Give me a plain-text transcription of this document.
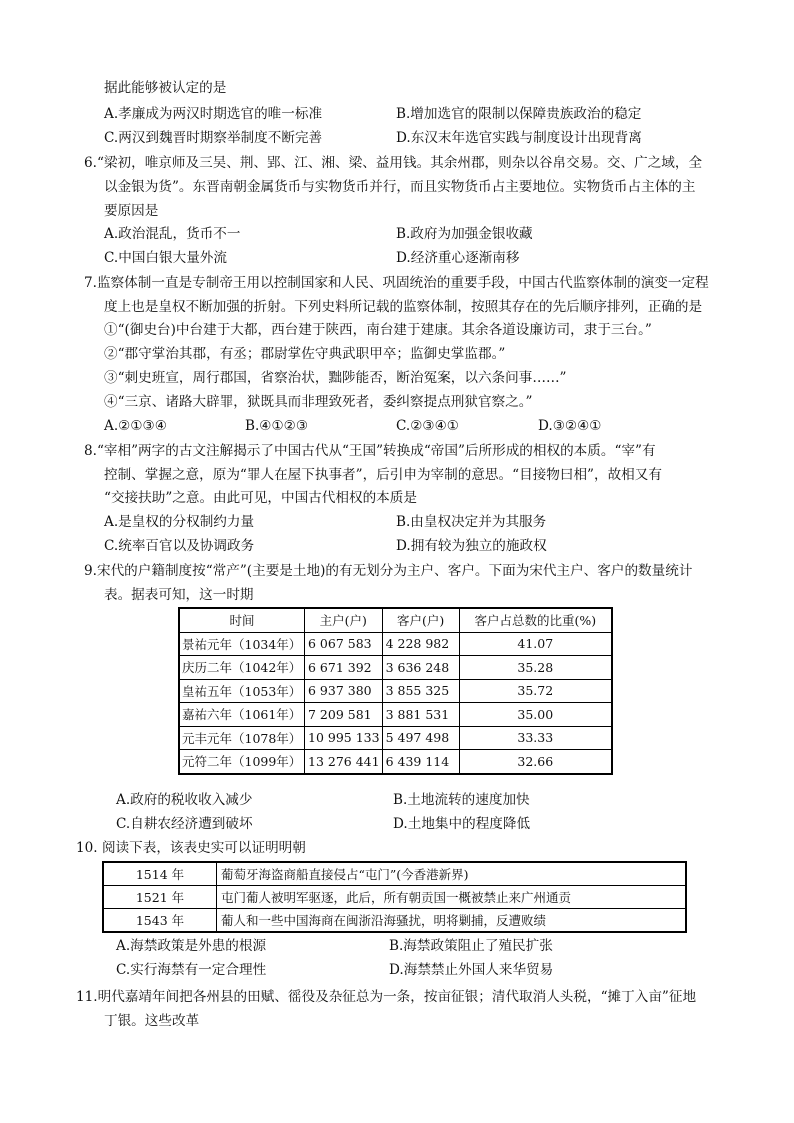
据此能够被认定的是
A.孝廉成为两汉时期选官的唯一标准	B.增加选官的限制以保障贵族政治的稳定
C.两汉到魏晋时期察举制度不断完善	D.东汉末年选官实践与制度设计出现背离
6.“梁初，唯京师及三吴、荆、郢、江、湘、梁、益用钱。其余州郡，则杂以谷帛交易。交、广之域，全
以金银为货”。东晋南朝金属货币与实物货币并行，而且实物货币占主要地位。实物货币占主体的主
要原因是
A.政治混乱，货币不一	B.政府为加强金银收藏
C.中国白银大量外流	D.经济重心逐渐南移
7.监察体制一直是专制帝王用以控制国家和人民、巩固统治的重要手段，中国古代监察体制的演变一定程
度上也是皇权不断加强的折射。下列史料所记载的监察体制，按照其存在的先后顺序排列，正确的是
①“(御史台)中台建于大都，西台建于陕西，南台建于建康。其余各道设廉访司，隶于三台。”
②“郡守掌治其郡，有丞；郡尉掌佐守典武职甲卒；监御史掌监郡。”
③“刺史班宣，周行郡国，省察治状，黜陟能否，断治冤案，以六条问事……”
④“三京、诸路大辟罪，狱既具而非理致死者，委纠察提点刑狱官察之。”
A.②①③④	B.④①②③	C.②③④①	D.③②④①
8.“宰相”两字的古文注解揭示了中国古代从“王国”转换成“帝国”后所形成的相权的本质。“宰”有
控制、掌握之意，原为“罪人在屋下执事者”，后引申为宰制的意思。“目接物曰相”，故相又有
“交接扶助”之意。由此可见，中国古代相权的本质是
A.是皇权的分权制约力量	B.由皇权决定并为其服务
C.统率百官以及协调政务	D.拥有较为独立的施政权
9.宋代的户籍制度按“常产”(主要是土地)的有无划分为主户、客户。下面为宋代主户、客户的数量统计
表。据表可知，这一时期
时间	主户(户)	客户(户)	客户占总数的比重(%)
景祐元年（1034年）	6 067 583	4 228 982	41.07
庆历二年（1042年）	6 671 392	3 636 248	35.28
皇祐五年（1053年）	6 937 380	3 855 325	35.72
嘉祐六年（1061年）	7 209 581	3 881 531	35.00
元丰元年（1078年）	10 995 133	5 497 498	33.33
元符二年（1099年）	13 276 441	6 439 114	32.66
A.政府的税收收入减少	B.土地流转的速度加快
C.自耕农经济遭到破坏	D.土地集中的程度降低
10. 阅读下表，该表史实可以证明明朝
1514 年	葡萄牙海盗商船直接侵占“屯门”(今香港新界)
1521 年	屯门葡人被明军驱逐，此后，所有朝贡国一概被禁止来广州通贡
1543 年	葡人和一些中国海商在闽浙沿海骚扰，明将剿捕，反遭败绩
A.海禁政策是外患的根源	B.海禁政策阻止了殖民扩张
C.实行海禁有一定合理性	D.海禁禁止外国人来华贸易
11.明代嘉靖年间把各州县的田赋、徭役及杂征总为一条，按亩征银；清代取消人头税，“摊丁入亩”征地
丁银。这些改革
